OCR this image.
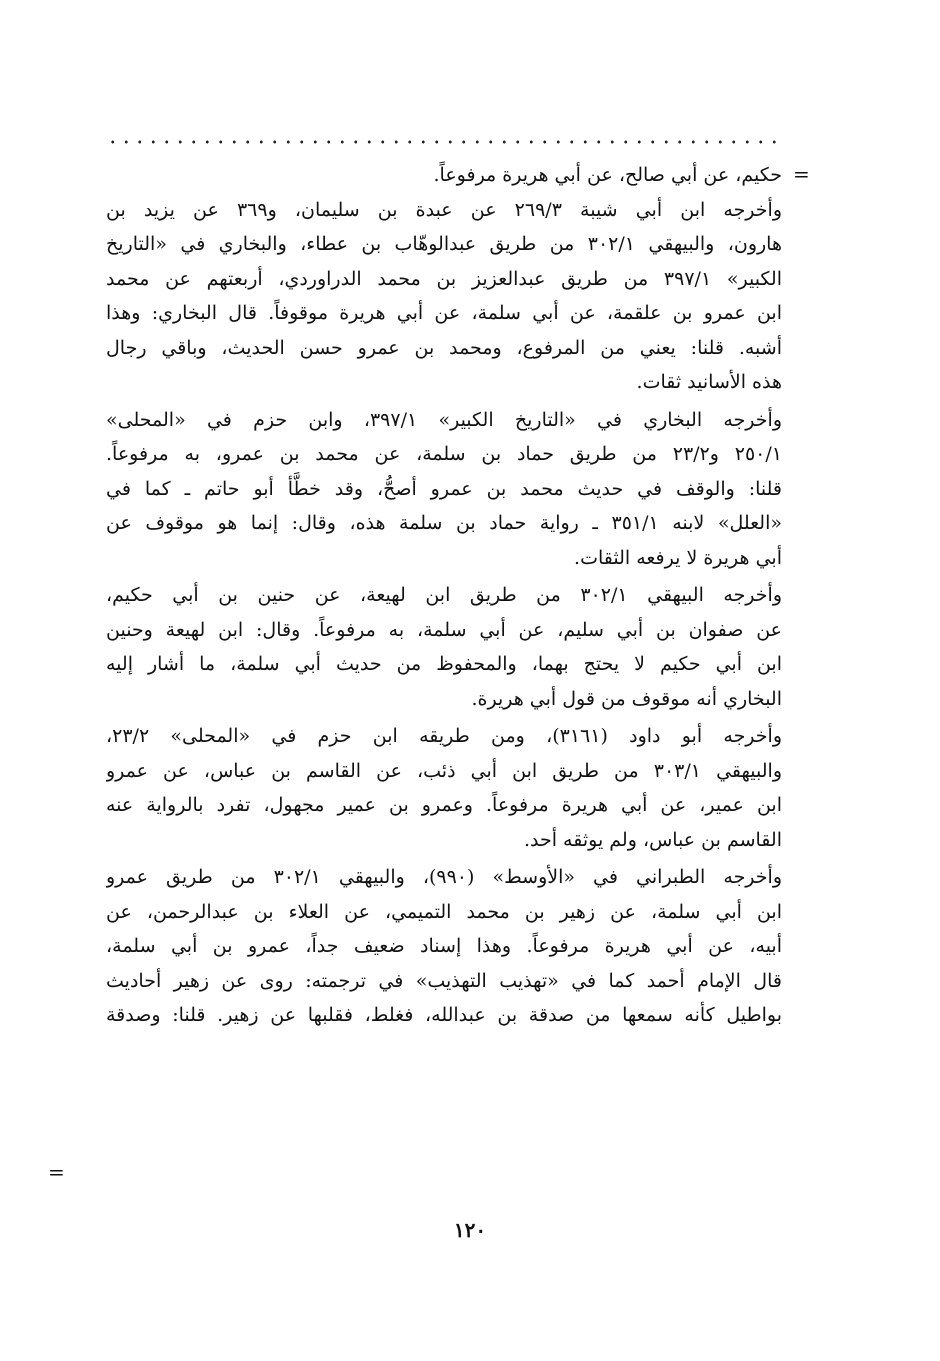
=
حكيم، عن أبي صالح، عن أبي هريرة مرفوعاً.
وأخرجه ابن أبي شيبة ٢٦٩/٣ عن عبدة بن سليمان، و٣٦٩ عن يزيد بن
هارون، والبيهقي ٣٠٢/١ من طريق عبدالوهّاب بن عطاء، والبخاري في «التاريخ
الكبير» ٣٩٧/١ من طريق عبدالعزيز بن محمد الدراوردي، أربعتهم عن محمد
ابن عمرو بن علقمة، عن أبي سلمة، عن أبي هريرة موقوفاً. قال البخاري: وهذا
أشبه. قلنا: يعني من المرفوع، ومحمد بن عمرو حسن الحديث، وباقي رجال
هذه الأسانيد ثقات.
وأخرجه البخاري في «التاريخ الكبير» ٣٩٧/١، وابن حزم في «المحلى»
٢٥٠/١ و٢٣/٢ من طريق حماد بن سلمة، عن محمد بن عمرو، به مرفوعاً.
قلنا: والوقف في حديث محمد بن عمرو أصحُّ، وقد خطَّأ أبو حاتم ـ كما في
«العلل» لابنه ٣٥١/١ ـ رواية حماد بن سلمة هذه، وقال: إنما هو موقوف عن
أبي هريرة لا يرفعه الثقات.
وأخرجه البيهقي ٣٠٢/١ من طريق ابن لهيعة، عن حنين بن أبي حكيم،
عن صفوان بن أبي سليم، عن أبي سلمة، به مرفوعاً. وقال: ابن لهيعة وحنين
ابن أبي حكيم لا يحتج بهما، والمحفوظ من حديث أبي سلمة، ما أشار إليه
البخاري أنه موقوف من قول أبي هريرة.
وأخرجه أبو داود (٣١٦١)، ومن طريقه ابن حزم في «المحلى» ٢٣/٢،
والبيهقي ٣٠٣/١ من طريق ابن أبي ذئب، عن القاسم بن عباس، عن عمرو
ابن عمير، عن أبي هريرة مرفوعاً. وعمرو بن عمير مجهول، تفرد بالرواية عنه
القاسم بن عباس، ولم يوثقه أحد.
وأخرجه الطبراني في «الأوسط» (٩٩٠)، والبيهقي ٣٠٢/١ من طريق عمرو
ابن أبي سلمة، عن زهير بن محمد التميمي، عن العلاء بن عبدالرحمن، عن
أبيه، عن أبي هريرة مرفوعاً. وهذا إسناد ضعيف جداً، عمرو بن أبي سلمة،
قال الإمام أحمد كما في «تهذيب التهذيب» في ترجمته: روى عن زهير أحاديث
بواطيل كأنه سمعها من صدقة بن عبدالله، فغلط، فقلبها عن زهير. قلنا: وصدقة
=
١٢٠
